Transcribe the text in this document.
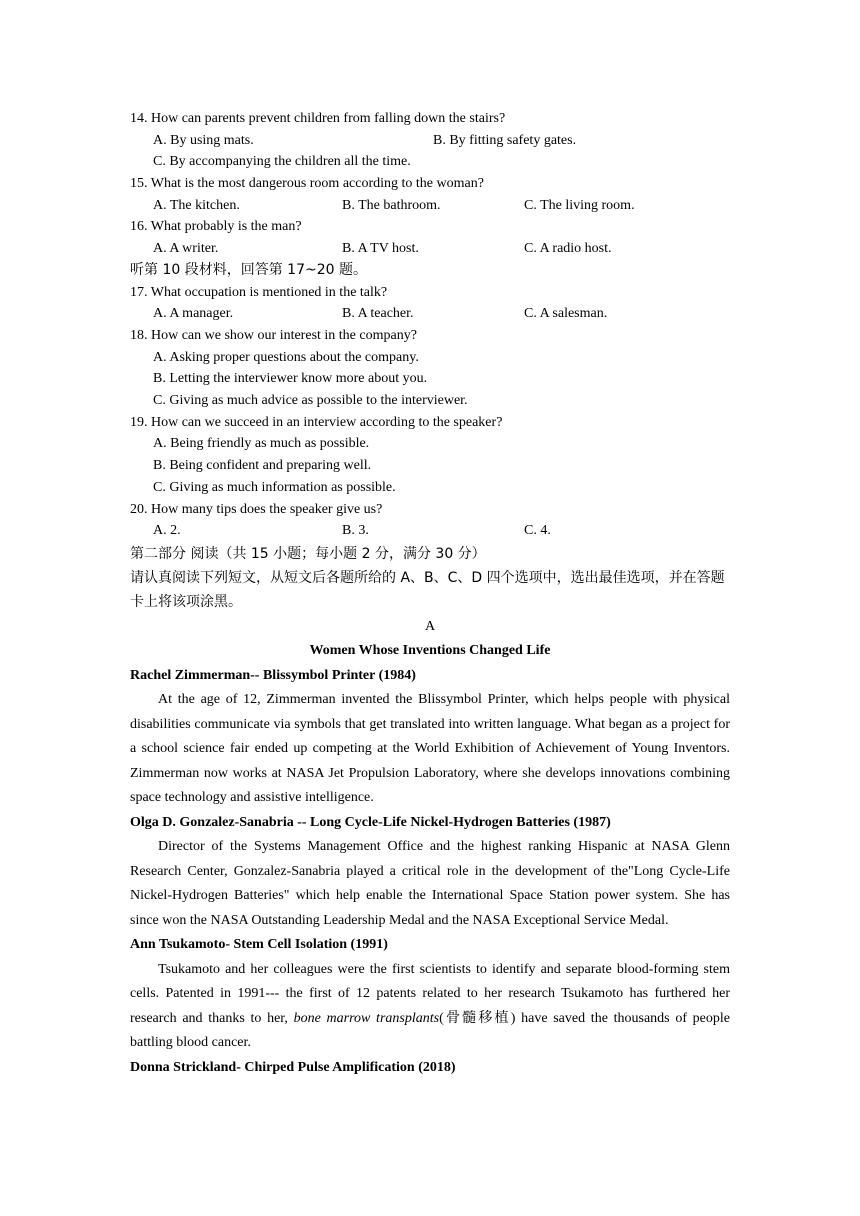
14. How can parents prevent children from falling down the stairs?
A. By using mats.	B. By fitting safety gates.
C. By accompanying the children all the time.
15. What is the most dangerous room according to the woman?
A. The kitchen.	B. The bathroom.	C. The living room.
16. What probably is the man?
A. A writer.	B. A TV host.	C. A radio host.
听第 10 段材料，回答第 17~20 题。
17. What occupation is mentioned in the talk?
A. A manager.	B. A teacher.	C. A salesman.
18. How can we show our interest in the company?
A. Asking proper questions about the company.
B. Letting the interviewer know more about you.
C. Giving as much advice as possible to the interviewer.
19. How can we succeed in an interview according to the speaker?
A. Being friendly as much as possible.
B. Being confident and preparing well.
C. Giving as much information as possible.
20. How many tips does the speaker give us?
A. 2.	B. 3.	C. 4.
第二部分 阅读（共 15 小题；每小题 2 分，满分 30 分）
请认真阅读下列短文，从短文后各题所给的 A、B、C、D 四个选项中，选出最佳选项，并在答题卡上将该项涂黑。
A
Women Whose Inventions Changed Life
Rachel Zimmerman-- Blissymbol Printer (1984)
At the age of 12, Zimmerman invented the Blissymbol Printer, which helps people with physical disabilities communicate via symbols that get translated into written language. What began as a project for a school science fair ended up competing at the World Exhibition of Achievement of Young Inventors. Zimmerman now works at NASA Jet Propulsion Laboratory, where she develops innovations combining space technology and assistive intelligence.
Olga D. Gonzalez-Sanabria -- Long Cycle-Life Nickel-Hydrogen Batteries (1987)
Director of the Systems Management Office and the highest ranking Hispanic at NASA Glenn Research Center, Gonzalez-Sanabria played a critical role in the development of the"Long Cycle-Life Nickel-Hydrogen Batteries" which help enable the International Space Station power system. She has since won the NASA Outstanding Leadership Medal and the NASA Exceptional Service Medal.
Ann Tsukamoto- Stem Cell Isolation (1991)
Tsukamoto and her colleagues were the first scientists to identify and separate blood-forming stem cells. Patented in 1991--- the first of 12 patents related to her research Tsukamoto has furthered her research and thanks to her, bone marrow transplants(骨髓移植) have saved the thousands of people battling blood cancer.
Donna Strickland- Chirped Pulse Amplification (2018)
